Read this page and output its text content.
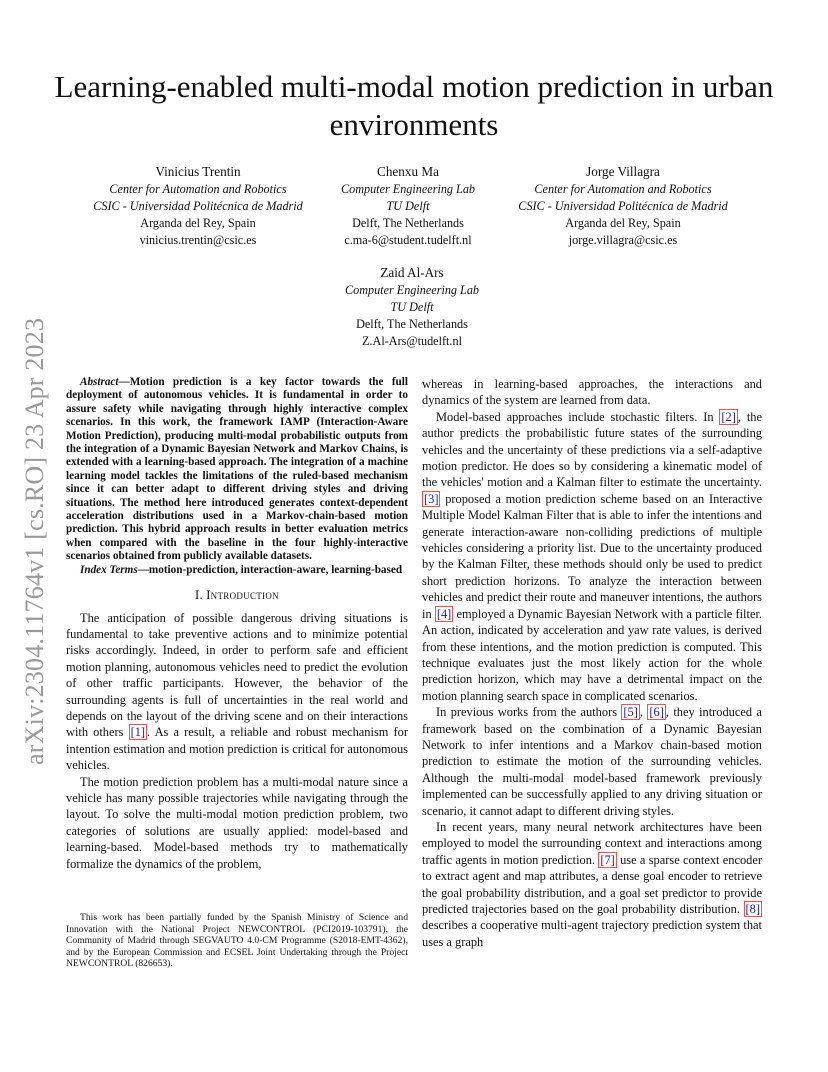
arXiv:2304.11764v1 [cs.RO] 23 Apr 2023
Learning-enabled multi-modal motion prediction in urban environments
Vinicius Trentin
Center for Automation and Robotics
CSIC - Universidad Politécnica de Madrid
Arganda del Rey, Spain
vinicius.trentin@csic.es
Chenxu Ma
Computer Engineering Lab
TU Delft
Delft, The Netherlands
c.ma-6@student.tudelft.nl
Jorge Villagra
Center for Automation and Robotics
CSIC - Universidad Politécnica de Madrid
Arganda del Rey, Spain
jorge.villagra@csic.es
Zaid Al-Ars
Computer Engineering Lab
TU Delft
Delft, The Netherlands
Z.Al-Ars@tudelft.nl

Abstract—Motion prediction is a key factor towards the full deployment of autonomous vehicles. It is fundamental in order to assure safety while navigating through highly interactive complex scenarios. In this work, the framework IAMP (Interaction-Aware Motion Prediction), producing multi-modal probabilistic outputs from the integration of a Dynamic Bayesian Network and Markov Chains, is extended with a learning-based approach. The integration of a machine learning model tackles the limitations of the ruled-based mechanism since it can better adapt to different driving styles and driving situations. The method here introduced generates context-dependent acceleration distributions used in a Markov-chain-based motion prediction. This hybrid approach results in better evaluation metrics when compared with the baseline in the four highly-interactive scenarios obtained from publicly available datasets.

Index Terms—motion-prediction, interaction-aware, learning-based

I. Introduction

The anticipation of possible dangerous driving situations is fundamental to take preventive actions and to minimize potential risks accordingly. Indeed, in order to perform safe and efficient motion planning, autonomous vehicles need to predict the evolution of other traffic participants. However, the behavior of the surrounding agents is full of uncertainties in the real world and depends on the layout of the driving scene and on their interactions with others [1] . As a result, a reliable and robust mechanism for intention estimation and motion prediction is critical for autonomous vehicles.

The motion prediction problem has a multi-modal nature since a vehicle has many possible trajectories while navigating through the layout. To solve the multi-modal motion prediction problem, two categories of solutions are usually applied: model-based and learning-based. Model-based methods try to mathematically formalize the dynamics of the problem,

This work has been partially funded by the Spanish Ministry of Science and Innovation with the National Project NEWCONTROL (PCI2019-103791), the Community of Madrid through SEGVAUTO 4.0-CM Programme (S2018-EMT-4362), and by the European Commission and ECSEL Joint Undertaking through the Project NEWCONTROL (826653).

whereas in learning-based approaches, the interactions and dynamics of the system are learned from data.

Model-based approaches include stochastic filters. In [2] , the author predicts the probabilistic future states of the surrounding vehicles and the uncertainty of these predictions via a self-adaptive motion predictor. He does so by considering a kinematic model of the vehicles' motion and a Kalman filter to estimate the uncertainty. [3] proposed a motion prediction scheme based on an Interactive Multiple Model Kalman Filter that is able to infer the intentions and generate interaction-aware non-colliding predictions of multiple vehicles considering a priority list. Due to the uncertainty produced by the Kalman Filter, these methods should only be used to predict short prediction horizons. To analyze the interaction between vehicles and predict their route and maneuver intentions, the authors in [4] employed a Dynamic Bayesian Network with a particle filter. An action, indicated by acceleration and yaw rate values, is derived from these intentions, and the motion prediction is computed. This technique evaluates just the most likely action for the whole prediction horizon, which may have a detrimental impact on the motion planning search space in complicated scenarios.

In previous works from the authors [5] , [6] , they introduced a framework based on the combination of a Dynamic Bayesian Network to infer intentions and a Markov chain-based motion prediction to estimate the motion of the surrounding vehicles. Although the multi-modal model-based framework previously implemented can be successfully applied to any driving situation or scenario, it cannot adapt to different driving styles.

In recent years, many neural network architectures have been employed to model the surrounding context and interactions among traffic agents in motion prediction. [7] use a sparse context encoder to extract agent and map attributes, a dense goal encoder to retrieve the goal probability distribution, and a goal set predictor to provide predicted trajectories based on the goal probability distribution. [8] describes a cooperative multi-agent trajectory prediction system that uses a graph
